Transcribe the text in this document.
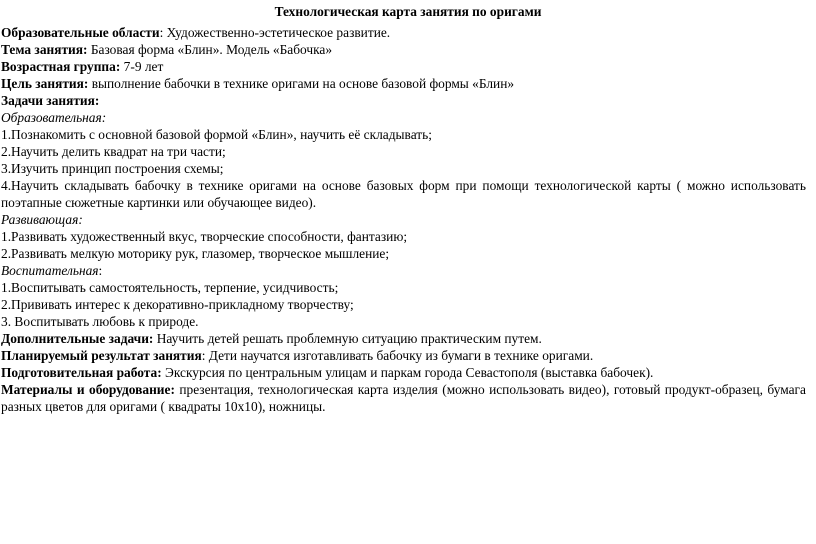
Технологическая карта занятия по оригами

Образовательные области: Художественно-эстетическое развитие.

Тема занятия: Базовая форма «Блин». Модель «Бабочка»

Возрастная группа: 7-9 лет

Цель занятия: выполнение бабочки в технике оригами на основе базовой формы «Блин»

Задачи занятия:

Образовательная:

1.Познакомить с основной базовой формой «Блин», научить её складывать;

2.Научить делить квадрат на три части;

3.Изучить принцип построения схемы;

4.Научить складывать бабочку в технике оригами на основе базовых форм при помощи технологической карты ( можно использовать поэтапные сюжетные картинки или обучающее видео).

Развивающая:

1.Развивать художественный вкус, творческие способности, фантазию;

2.Развивать мелкую моторику рук, глазомер, творческое мышление;

Воспитательная:

1.Воспитывать самостоятельность, терпение, усидчивость;

2.Прививать интерес к декоративно-прикладному творчеству;

3. Воспитывать любовь к природе.

Дополнительные задачи: Научить детей решать проблемную ситуацию практическим путем.

Планируемый результат занятия: Дети научатся изготавливать бабочку из бумаги в технике оригами.

Подготовительная работа: Экскурсия по центральным улицам и паркам города Севастополя (выставка бабочек).

Материалы и оборудование: презентация, технологическая карта изделия (можно использовать видео), готовый продукт-образец, бумага разных цветов для оригами ( квадраты 10x10), ножницы.
